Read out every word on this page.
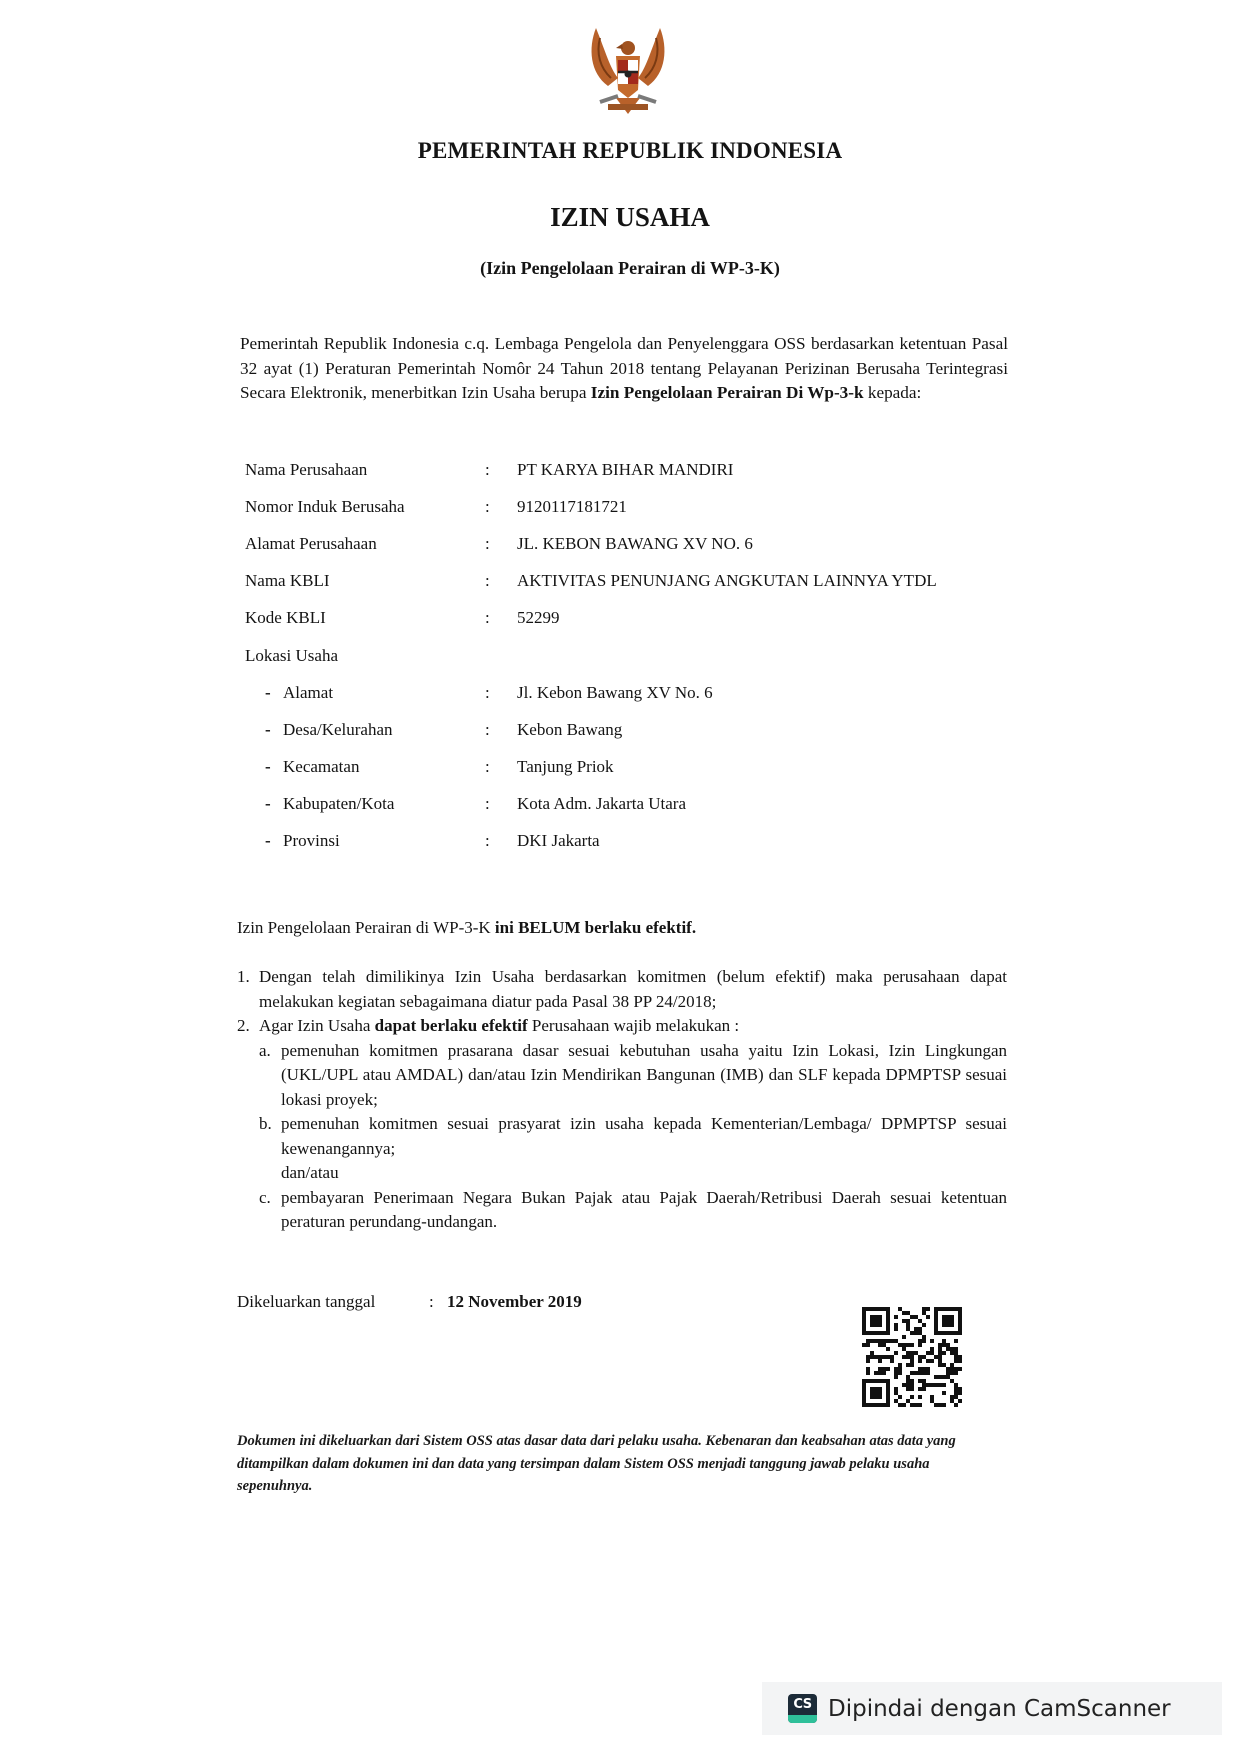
PEMERINTAH REPUBLIK INDONESIA
IZIN USAHA
(Izin Pengelolaan Perairan di WP-3-K)
Pemerintah Republik Indonesia c.q. Lembaga Pengelola dan Penyelenggara OSS berdasarkan ketentuan Pasal 32 ayat (1) Peraturan Pemerintah Nomôr 24 Tahun 2018 tentang Pelayanan Perizinan Berusaha Terintegrasi Secara Elektronik, menerbitkan Izin Usaha berupa Izin Pengelolaan Perairan Di Wp-3-k kepada:
Nama Perusahaan	: PT KARYA BIHAR MANDIRI
Nomor Induk Berusaha	: 9120117181721
Alamat Perusahaan	: JL. KEBON BAWANG XV NO. 6
Nama KBLI	: AKTIVITAS PENUNJANG ANGKUTAN LAINNYA YTDL
Kode KBLI	: 52299
Lokasi Usaha
- Alamat	: Jl. Kebon Bawang XV No. 6
- Desa/Kelurahan	: Kebon Bawang
- Kecamatan	: Tanjung Priok
- Kabupaten/Kota	: Kota Adm. Jakarta Utara
- Provinsi	: DKI Jakarta
Izin Pengelolaan Perairan di WP-3-K ini BELUM berlaku efektif.
1. Dengan telah dimilikinya Izin Usaha berdasarkan komitmen (belum efektif) maka perusahaan dapat melakukan kegiatan sebagaimana diatur pada Pasal 38 PP 24/2018;
2. Agar Izin Usaha dapat berlaku efektif Perusahaan wajib melakukan :
a. pemenuhan komitmen prasarana dasar sesuai kebutuhan usaha yaitu Izin Lokasi, Izin Lingkungan (UKL/UPL atau AMDAL) dan/atau Izin Mendirikan Bangunan (IMB) dan SLF kepada DPMPTSP sesuai lokasi proyek;
b. pemenuhan komitmen sesuai prasyarat izin usaha kepada Kementerian/Lembaga/ DPMPTSP sesuai kewenangannya;
dan/atau
c. pembayaran Penerimaan Negara Bukan Pajak atau Pajak Daerah/Retribusi Daerah sesuai ketentuan peraturan perundang-undangan.
Dikeluarkan tanggal	: 12 November 2019
Dokumen ini dikeluarkan dari Sistem OSS atas dasar data dari pelaku usaha. Kebenaran dan keabsahan atas data yang ditampilkan dalam dokumen ini dan data yang tersimpan dalam Sistem OSS menjadi tanggung jawab pelaku usaha sepenuhnya.
CS Dipindai dengan CamScanner
